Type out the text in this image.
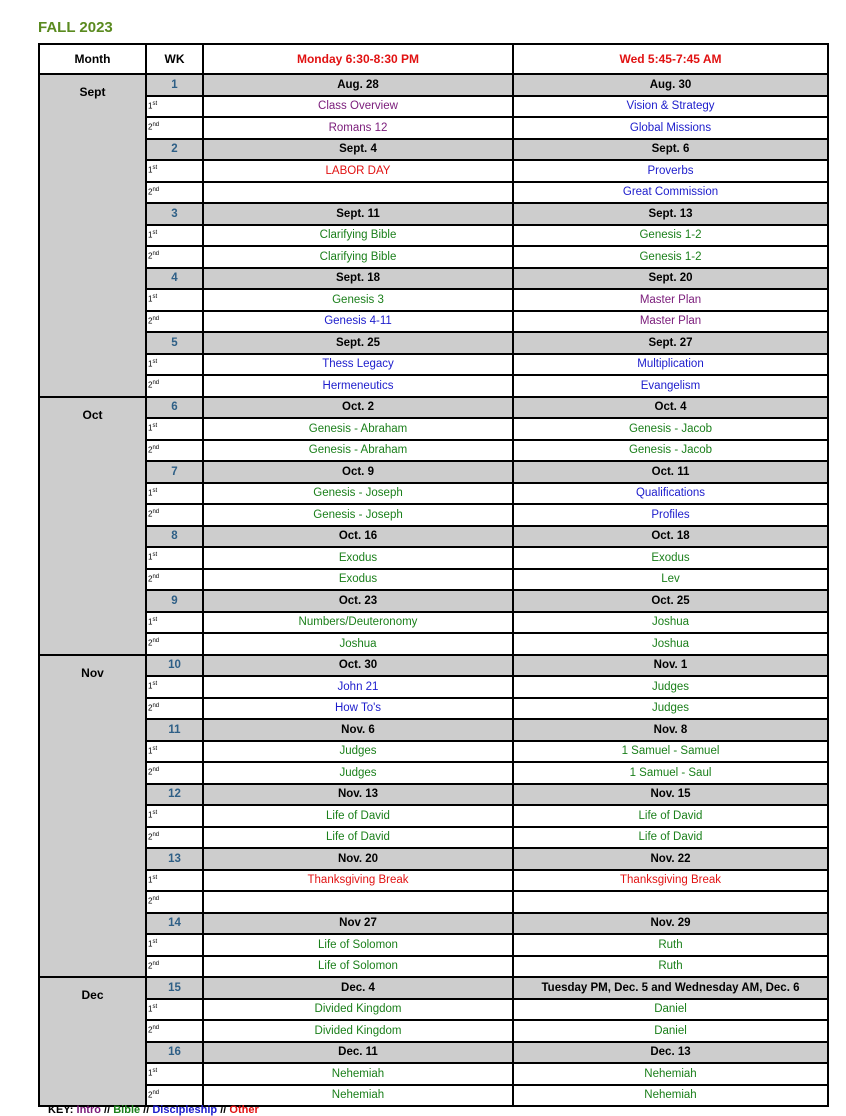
FALL 2023
Month	WK	Monday 6:30-8:30 PM	Wed 5:45-7:45 AM
Sept	1	Aug. 28	Aug. 30
	1st	Class Overview	Vision & Strategy
	2nd	Romans 12	Global Missions
	2	Sept. 4	Sept. 6
	1st	LABOR DAY	Proverbs
	2nd		Great Commission
	3	Sept. 11	Sept. 13
	1st	Clarifying Bible	Genesis 1-2
	2nd	Clarifying Bible	Genesis 1-2
	4	Sept. 18	Sept. 20
	1st	Genesis 3	Master Plan
	2nd	Genesis 4-11	Master Plan
	5	Sept. 25	Sept. 27
	1st	Thess Legacy	Multiplication
	2nd	Hermeneutics	Evangelism
Oct	6	Oct. 2	Oct. 4
	1st	Genesis - Abraham	Genesis - Jacob
	2nd	Genesis - Abraham	Genesis - Jacob
	7	Oct. 9	Oct. 11
	1st	Genesis - Joseph	Qualifications
	2nd	Genesis - Joseph	Profiles
	8	Oct. 16	Oct. 18
	1st	Exodus	Exodus
	2nd	Exodus	Lev
	9	Oct. 23	Oct. 25
	1st	Numbers/Deuteronomy	Joshua
	2nd	Joshua	Joshua
Nov	10	Oct. 30	Nov. 1
	1st	John 21	Judges
	2nd	How To's	Judges
	11	Nov. 6	Nov. 8
	1st	Judges	1 Samuel - Samuel
	2nd	Judges	1 Samuel - Saul
	12	Nov. 13	Nov. 15
	1st	Life of David	Life of David
	2nd	Life of David	Life of David
	13	Nov. 20	Nov. 22
	1st	Thanksgiving Break	Thanksgiving Break
	2nd		
	14	Nov 27	Nov. 29
	1st	Life of Solomon	Ruth
	2nd	Life of Solomon	Ruth
Dec	15	Dec. 4	Tuesday PM, Dec. 5 and Wednesday AM, Dec. 6
	1st	Divided Kingdom	Daniel
	2nd	Divided Kingdom	Daniel
	16	Dec. 11	Dec. 13
	1st	Nehemiah	Nehemiah
	2nd	Nehemiah	Nehemiah
KEY: Intro // Bible // Discipleship // Other
